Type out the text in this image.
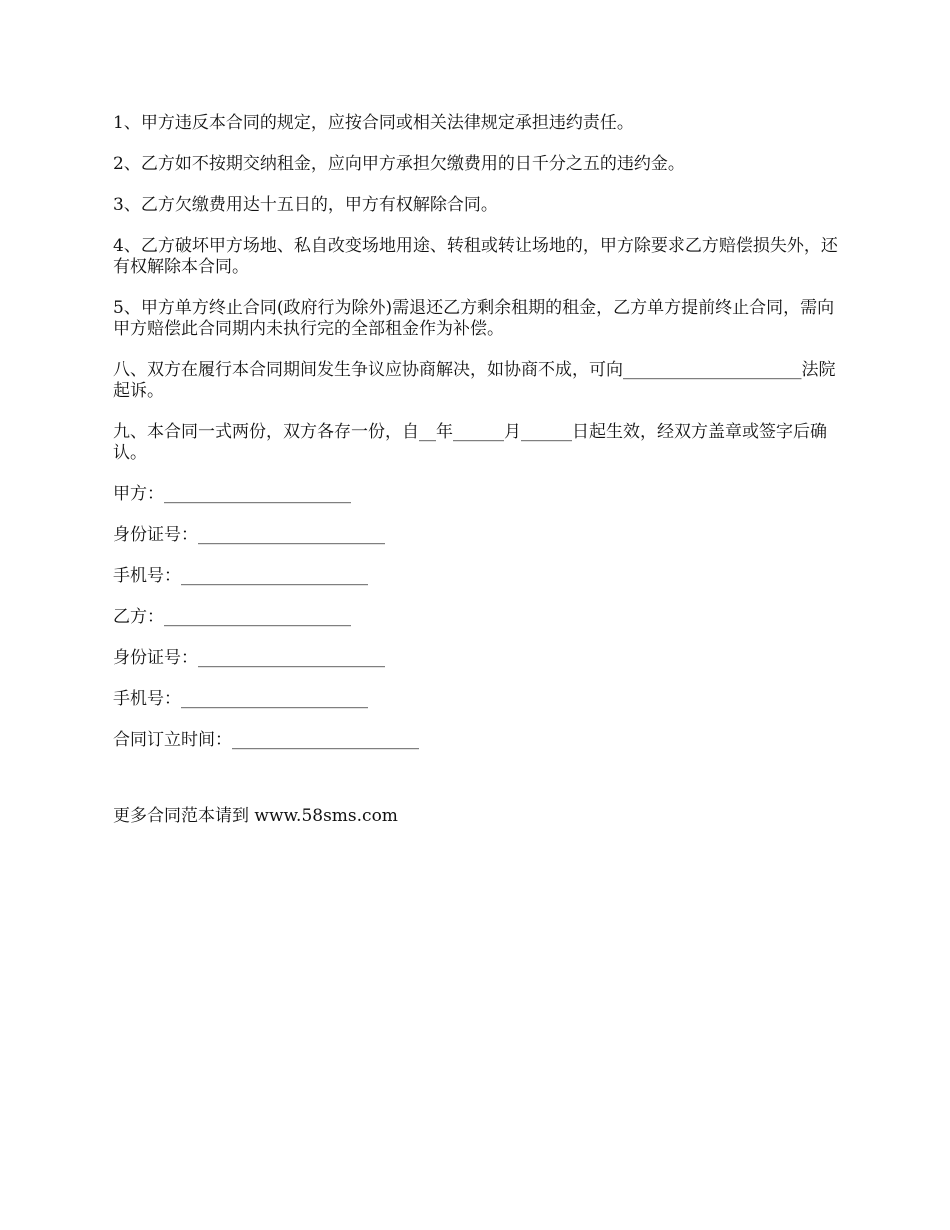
1、甲方违反本合同的规定，应按合同或相关法律规定承担违约责任。

2、乙方如不按期交纳租金，应向甲方承担欠缴费用的日千分之五的违约金。

3、乙方欠缴费用达十五日的，甲方有权解除合同。

4、乙方破坏甲方场地、私自改变场地用途、转租或转让场地的，甲方除要求乙方赔偿损失外，还有权解除本合同。

5、甲方单方终止合同(政府行为除外)需退还乙方剩余租期的租金，乙方单方提前终止合同，需向甲方赔偿此合同期内未执行完的全部租金作为补偿。

八、双方在履行本合同期间发生争议应协商解决，如协商不成，可向_____________________法院起诉。

九、本合同一式两份，双方各存一份，自__年______月______日起生效，经双方盖章或签字后确认。

甲方：______________________
身份证号：______________________
手机号：______________________
乙方：______________________
身份证号：______________________
手机号：______________________
合同订立时间：______________________
更多合同范本请到 www.58sms.com
